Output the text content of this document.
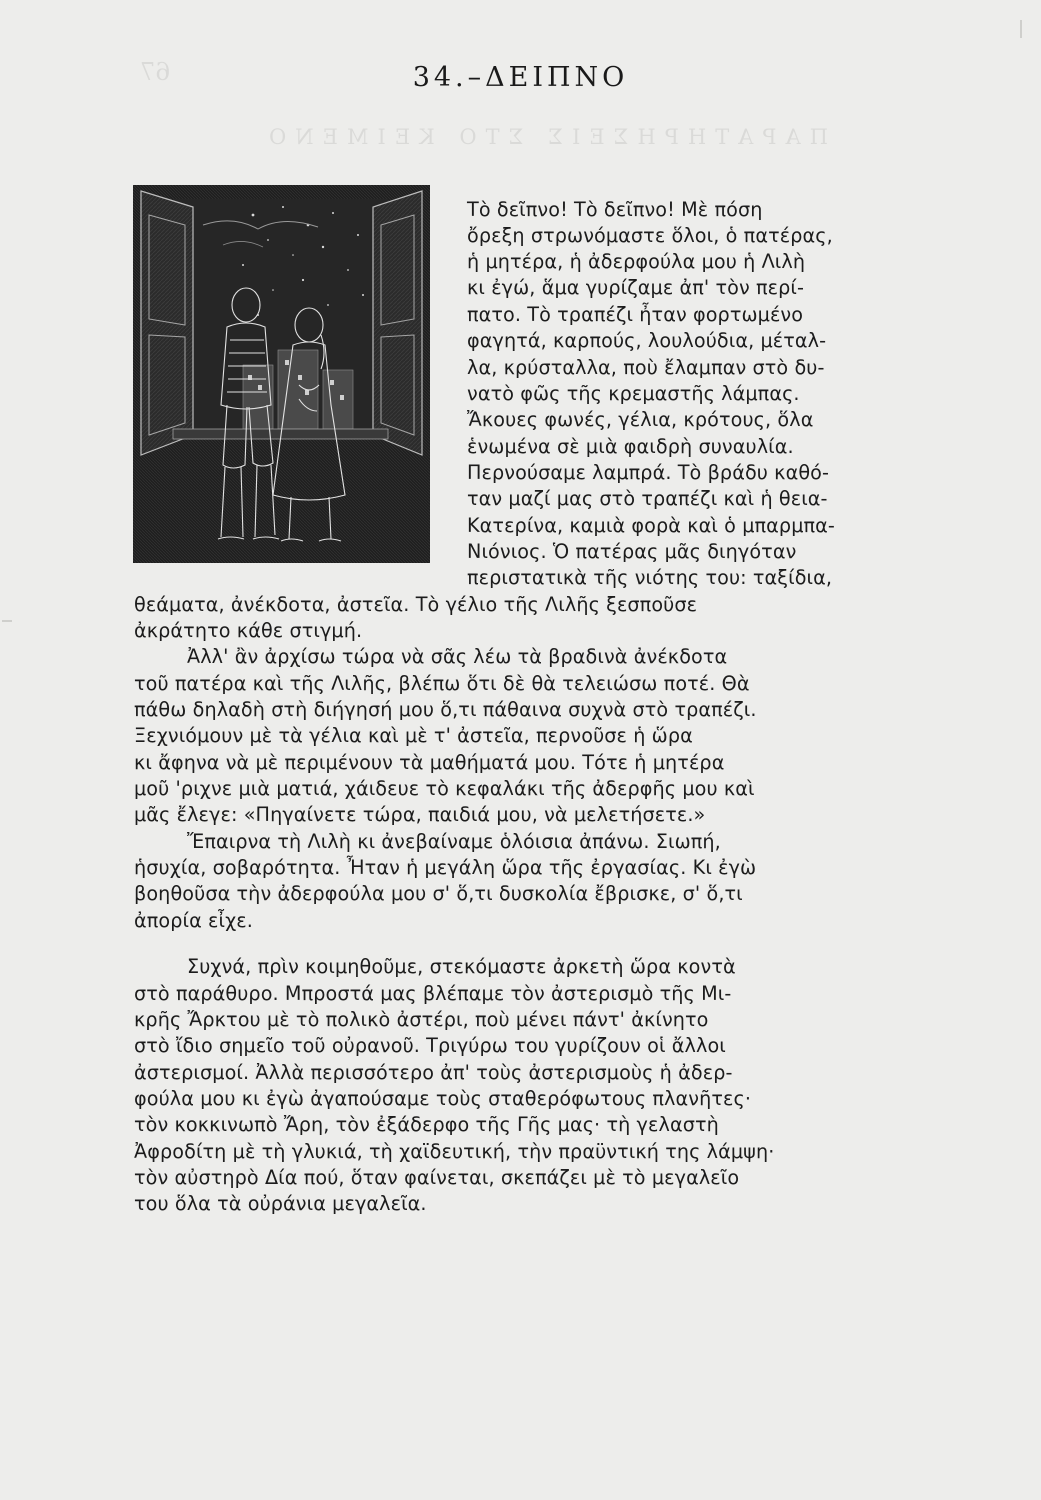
67
ΠΑΡΑΤΗΡΗΣΕΙΣ ΣΤΟ ΚΕΙΜΕΝΟ
34.–ΔΕΙΠΝΟ
Τὸ δεῖπνο! Τὸ δεῖπνο! Μὲ πόση
ὄρεξη στρωνόμαστε ὅλοι, ὁ πατέρας,
ἡ μητέρα, ἡ ἀδερφούλα μου ἡ Λιλὴ
κι ἐγώ, ἅμα γυρίζαμε ἀπ' τὸν περί-
πατο. Τὸ τραπέζι ἦταν φορτωμένο
φαγητά, καρπούς, λουλούδια, μέταλ-
λα, κρύσταλλα, ποὺ ἔλαμπαν στὸ δυ-
νατὸ φῶς τῆς κρεμαστῆς λάμπας.
Ἄκουες φωνές, γέλια, κρότους, ὅλα
ἑνωμένα σὲ μιὰ φαιδρὴ συναυλία.
Περνούσαμε λαμπρά. Τὸ βράδυ καθό-
ταν μαζί μας στὸ τραπέζι καὶ ἡ θεια-
Κατερίνα, καμιὰ φορὰ καὶ ὁ μπαρμπα-
Νιόνιος. Ὁ πατέρας μᾶς διηγόταν
περιστατικὰ τῆς νιότης του: ταξίδια,
θεάματα, ἀνέκδοτα, ἀστεῖα. Τὸ γέλιο τῆς Λιλῆς ξεσποῦσε
ἀκράτητο κάθε στιγμή.
Ἀλλ' ἂν ἀρχίσω τώρα νὰ σᾶς λέω τὰ βραδινὰ ἀνέκδοτα
τοῦ πατέρα καὶ τῆς Λιλῆς, βλέπω ὅτι δὲ θὰ τελειώσω ποτέ. Θὰ
πάθω δηλαδὴ στὴ διήγησή μου ὅ,τι πάθαινα συχνὰ στὸ τραπέζι.
Ξεχνιόμουν μὲ τὰ γέλια καὶ μὲ τ' ἀστεῖα, περνοῦσε ἡ ὥρα
κι ἄφηνα νὰ μὲ περιμένουν τὰ μαθήματά μου. Τότε ἡ μητέρα
μοῦ 'ριχνε μιὰ ματιά, χάιδευε τὸ κεφαλάκι τῆς ἀδερφῆς μου καὶ
μᾶς ἔλεγε: «Πηγαίνετε τώρα, παιδιά μου, νὰ μελετήσετε.»
Ἔπαιρνα τὴ Λιλὴ κι ἀνεβαίναμε ὁλόισια ἀπάνω. Σιωπή,
ἡσυχία, σοβαρότητα. Ἦταν ἡ μεγάλη ὥρα τῆς ἐργασίας. Κι ἐγὼ
βοηθοῦσα τὴν ἀδερφούλα μου σ' ὅ,τι δυσκολία ἔβρισκε, σ' ὅ,τι
ἀπορία εἶχε.
Συχνά, πρὶν κοιμηθοῦμε, στεκόμαστε ἀρκετὴ ὥρα κοντὰ
στὸ παράθυρο. Μπροστά μας βλέπαμε τὸν ἀστερισμὸ τῆς Μι-
κρῆς Ἄρκτου μὲ τὸ πολικὸ ἀστέρι, ποὺ μένει πάντ' ἀκίνητο
στὸ ἴδιο σημεῖο τοῦ οὐρανοῦ. Τριγύρω του γυρίζουν οἱ ἄλλοι
ἀστερισμοί. Ἀλλὰ περισσότερο ἀπ' τοὺς ἀστερισμοὺς ἡ ἀδερ-
φούλα μου κι ἐγὼ ἀγαπούσαμε τοὺς σταθερόφωτους πλανῆτες·
τὸν κοκκινωπὸ Ἄρη, τὸν ἐξάδερφο τῆς Γῆς μας· τὴ γελαστὴ
Ἀφροδίτη μὲ τὴ γλυκιά, τὴ χαϊδευτική, τὴν πραϋντική της λάμψη·
τὸν αὐστηρὸ Δία πού, ὅταν φαίνεται, σκεπάζει μὲ τὸ μεγαλεῖο
του ὅλα τὰ οὐράνια μεγαλεῖα.
